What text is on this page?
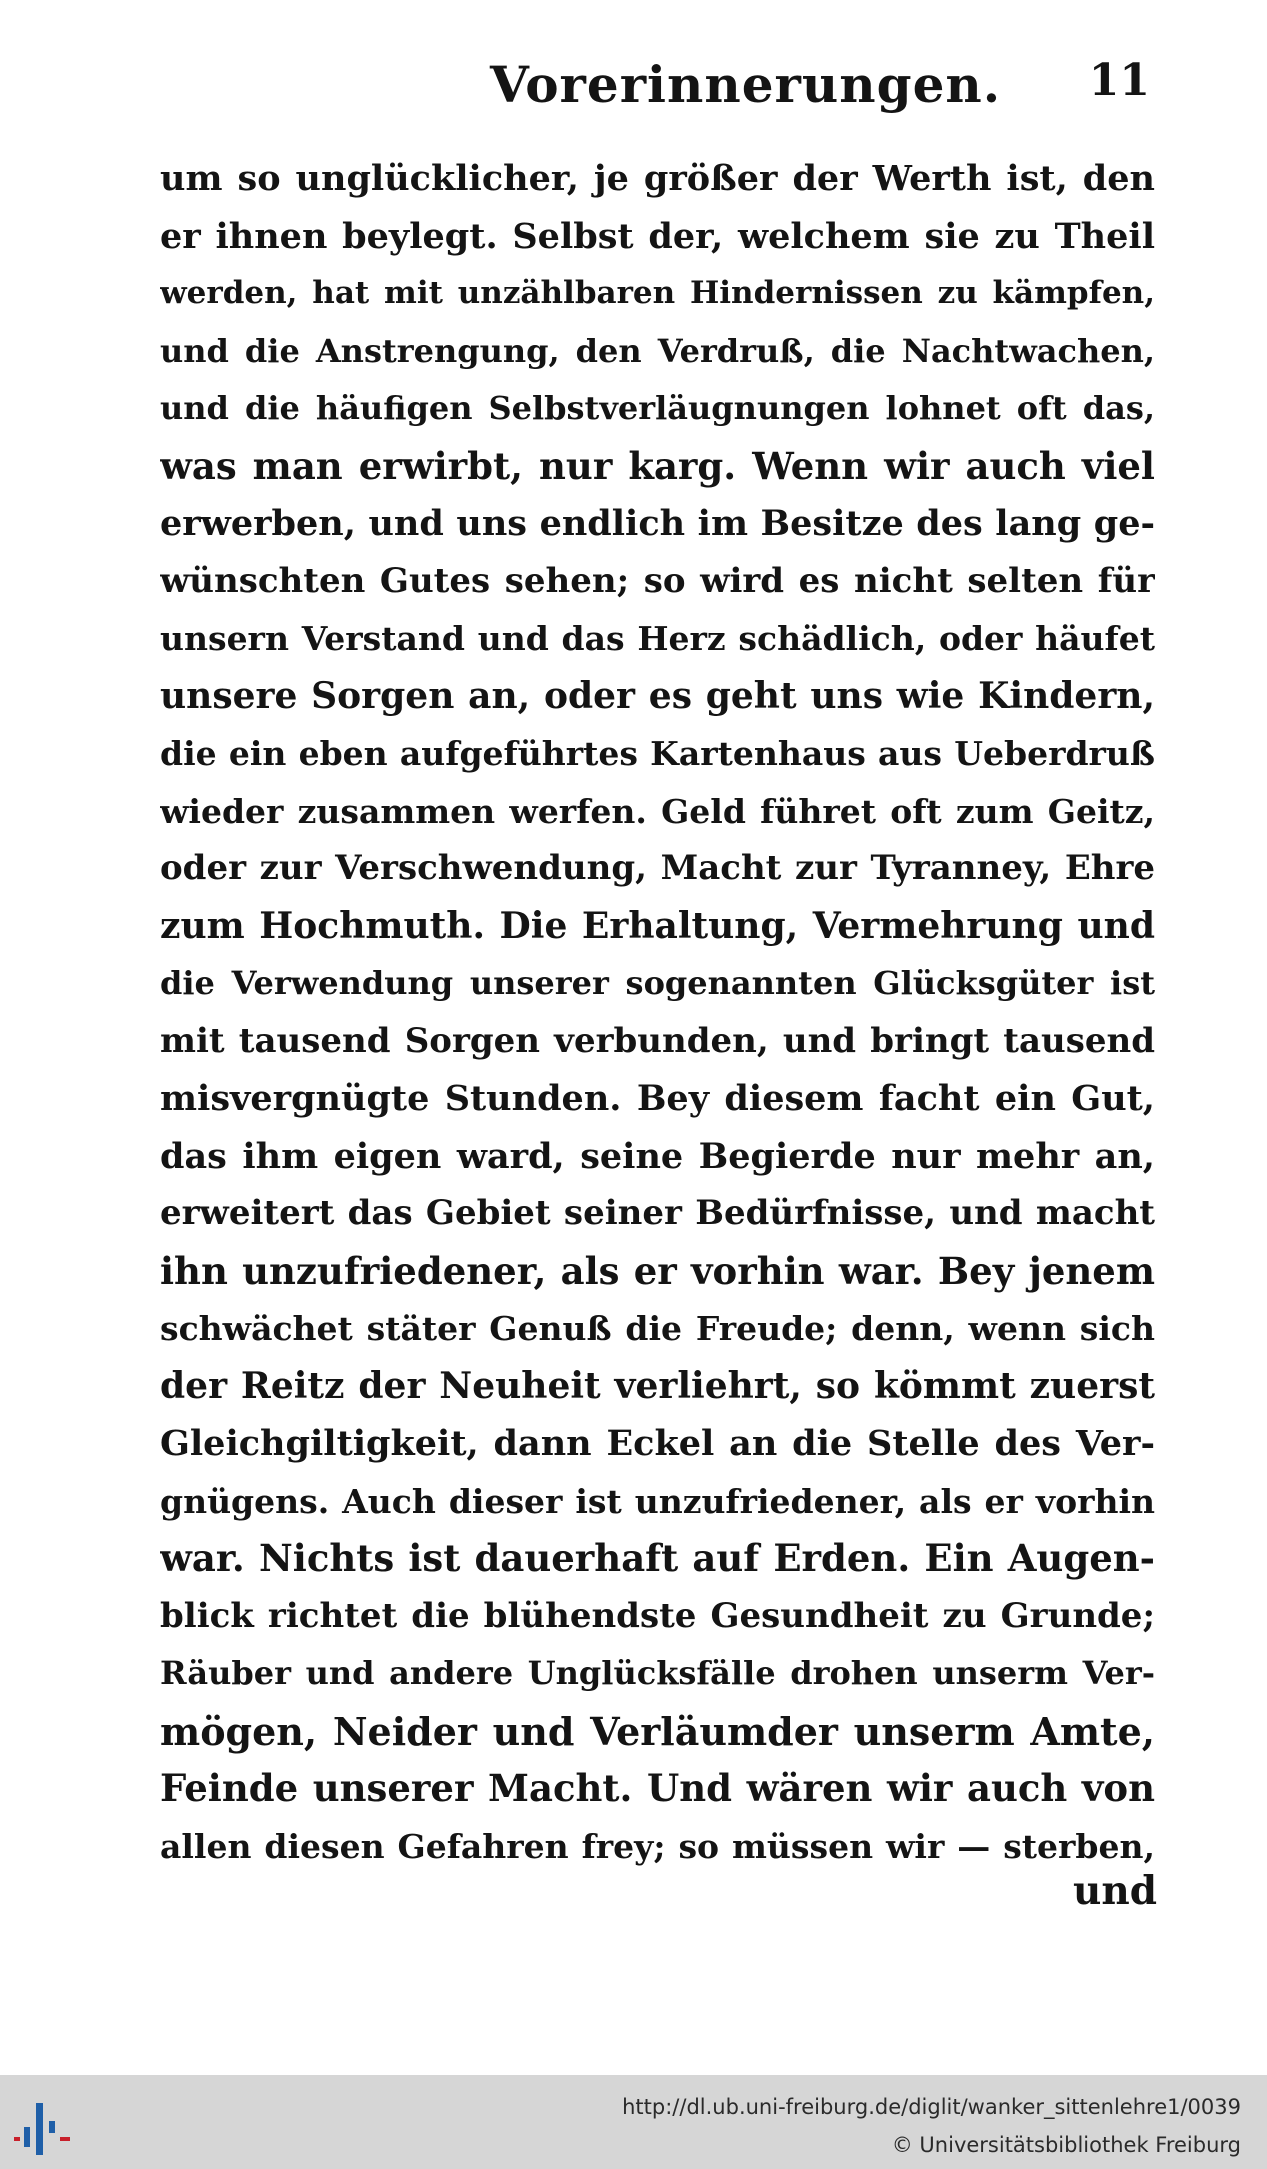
Vorerinnerungen. 11
um so unglücklicher, je größer der Werth ist, den
er ihnen beylegt. Selbst der, welchem sie zu Theil
werden, hat mit unzählbaren Hindernissen zu kämpfen,
und die Anstrengung, den Verdruß, die Nachtwachen,
und die häufigen Selbstverläugnungen lohnet oft das,
was man erwirbt, nur karg. Wenn wir auch viel
erwerben, und uns endlich im Besitze des lang ge-
wünschten Gutes sehen; so wird es nicht selten für
unsern Verstand und das Herz schädlich, oder häufet
unsere Sorgen an, oder es geht uns wie Kindern,
die ein eben aufgeführtes Kartenhaus aus Ueberdruß
wieder zusammen werfen. Geld führet oft zum Geitz,
oder zur Verschwendung, Macht zur Tyranney, Ehre
zum Hochmuth. Die Erhaltung, Vermehrung und
die Verwendung unserer sogenannten Glücksgüter ist
mit tausend Sorgen verbunden, und bringt tausend
misvergnügte Stunden. Bey diesem facht ein Gut,
das ihm eigen ward, seine Begierde nur mehr an,
erweitert das Gebiet seiner Bedürfnisse, und macht
ihn unzufriedener, als er vorhin war. Bey jenem
schwächet stäter Genuß die Freude; denn, wenn sich
der Reitz der Neuheit verliehrt, so kömmt zuerst
Gleichgiltigkeit, dann Eckel an die Stelle des Ver-
gnügens. Auch dieser ist unzufriedener, als er vorhin
war. Nichts ist dauerhaft auf Erden. Ein Augen-
blick richtet die blühendste Gesundheit zu Grunde;
Räuber und andere Unglücksfälle drohen unserm Ver-
mögen, Neider und Verläumder unserm Amte,
Feinde unserer Macht. Und wären wir auch von
allen diesen Gefahren frey; so müssen wir — sterben,
und
http://dl.ub.uni-freiburg.de/diglit/wanker_sittenlehre1/0039
© Universitätsbibliothek Freiburg
